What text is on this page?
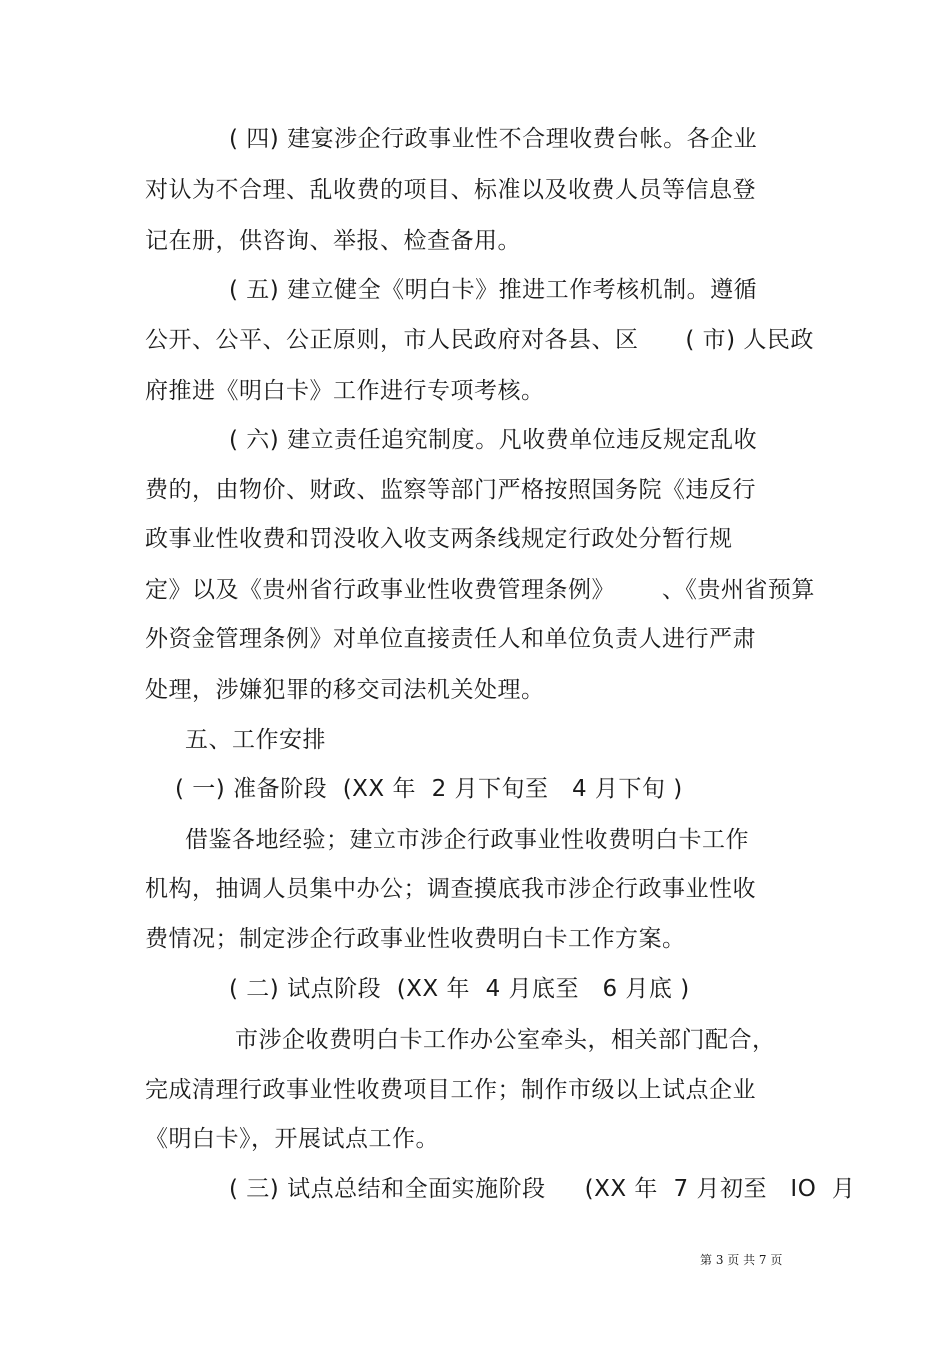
( 四) 建宴涉企行政事业性不合理收费台帐。各企业
对认为不合理、乱收费的项目、标准以及收费人员等信息登
记在册，供咨询、举报、检查备用。
( 五) 建立健全《明白卡》推进工作考核机制。遵循
公开、公平、公正原则，市人民政府对各县、区      ( 市) 人民政
府推进《明白卡》工作进行专项考核。
( 六) 建立责任追究制度。凡收费单位违反规定乱收
费的，由物价、财政、监察等部门严格按照国务院《违反行
政事业性收费和罚没收入收支两条线规定行政处分暂行规
定》以及《贵州省行政事业性收费管理条例》      、《贵州省预算
外资金管理条例》对单位直接责任人和单位负责人进行严肃
处理，涉嫌犯罪的移交司法机关处理。
五、工作安排
( 一) 准备阶段  (XX 年  2 月下旬至   4 月下旬 )
借鉴各地经验；建立市涉企行政事业性收费明白卡工作
机构，抽调人员集中办公；调查摸底我市涉企行政事业性收
费情况；制定涉企行政事业性收费明白卡工作方案。
( 二) 试点阶段  (XX 年  4 月底至   6 月底 )
市涉企收费明白卡工作办公室牵头，相关部门配合，
完成清理行政事业性收费项目工作；制作市级以上试点企业
《明白卡》，开展试点工作。
( 三) 试点总结和全面实施阶段     (XX 年  7 月初至   IO  月
第 3 页 共 7 页
